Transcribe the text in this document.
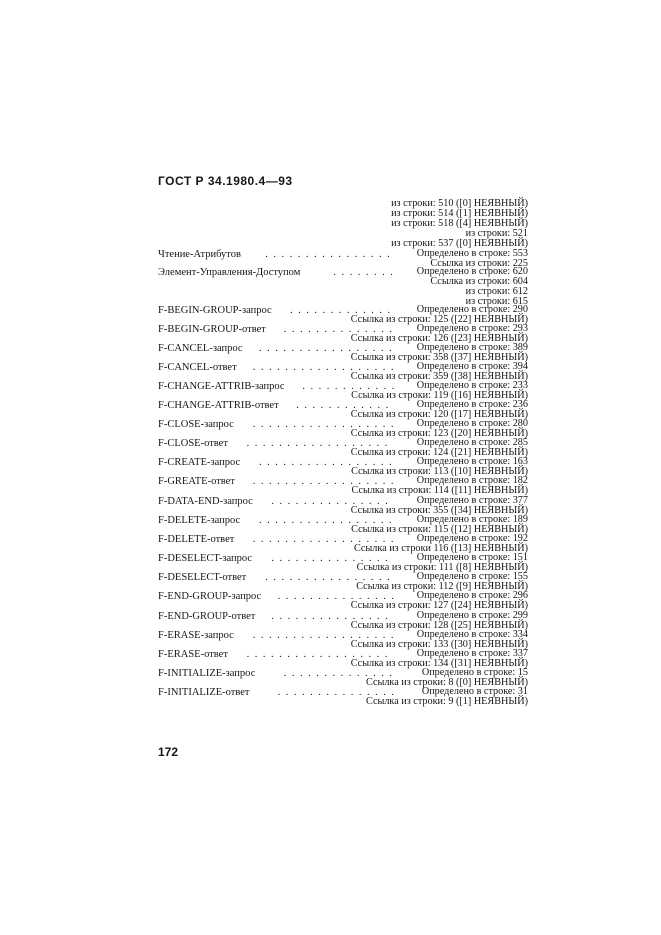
ГОСТ Р 34.1980.4—93
из строки: 510 ([0] НЕЯВНЫЙ)
из строки: 514 ([1] НЕЯВНЫЙ)
из строки: 518 ([4] НЕЯВНЫЙ)
из строки: 521
из строки: 537 ([0] НЕЯВНЫЙ)
Чтение-Атрибутов ................ Определено в строке: 553
Ссылка из строки: 225
Элемент-Управления-Доступом	........ Определено в строке: 620
Ссылка из строки: 604
из строки: 612
из строки: 615
F-BEGIN-GROUP-запрос ............. Определено в строке: 290
Ссылка из строки: 125 ([22] НЕЯВНЫЙ)
F-BEGIN-GROUP-ответ .............. Определено в строке: 293
Ссылка из строки: 126 ([23] НЕЯВНЫЙ)
F-CANCEL-запрос ................. Определено в строке: 389
Ссылка из строки: 358 ([37] НЕЯВНЫЙ)
F-CANCEL-ответ .................. Определено в строке: 394
Ссылка из строки: 359 ([38] НЕЯВНЫЙ)
F-CHANGE-ATTRIB-запрос ............ Определено в строке: 233
Ссылка из строки: 119 ([16] НЕЯВНЫЙ)
F-CHANGE-ATTRIB-ответ ............ Определено в строке: 236
Ссылка из строки: 120 ([17] НЕЯВНЫЙ)
F-CLOSE-запрос .................. Определено в строке: 280
Ссылка из строки: 123 ([20] НЕЯВНЫЙ)
F-CLOSE-ответ .................. Определено в строке: 285
Ссылка из строки: 124 ([21] НЕЯВНЫЙ)
F-CREATE-запрос ................. Определено в строке: 163
Ссылка из строки: 113 ([10] НЕЯВНЫЙ)
F-GREATE-ответ .................. Определено в строке: 182
Ссылка из строки: 114 ([11] НЕЯВНЫЙ)
F-DATA-END-запрос ............... Определено в строке: 377
Ссылка из строки: 355 ([34] НЕЯВНЫЙ)
F-DELETE-запрос ................. Определено в строке: 189
Ссылка из строки: 115 ([12] НЕЯВНЫЙ)
F-DELETE-ответ .................. Определено в строке: 192
Ссылка из строки 116 ([13] НЕЯВНЫЙ)
F-DESELECT-запрос ............... Определено в строке: 151
Ссылка из строки: 111 ([8] НЕЯВНЫЙ)
F-DESELECT-ответ ................ Определено в строке: 155
Ссылка из строки: 112 ([9] НЕЯВНЫЙ)
F-END-GROUP-запрос ............... Определено в строке: 296
Ссылка из строки: 127 ([24] НЕЯВНЫЙ)
F-END-GROUP-ответ ............... Определено в строке: 299
Ссылка из строки: 128 ([25] НЕЯВНЫЙ)
F-ERASE-запрос .................. Определено в строке: 334
Ссылка из строки: 133 ([30] НЕЯВНЫЙ)
F-ERASE-ответ .................. Определено в строке: 337
Ссылка из строки: 134 ([31] НЕЯВНЫЙ)
F-INITIALIZE-запрос	.............. Определено в строке: 15
Ссылка из строки: 8 ([0] НЕЯВНЫЙ)
F-INITIALIZE-ответ	............... Определено в строке: 31
Ссылка из строки: 9 ([1] НЕЯВНЫЙ)
172
